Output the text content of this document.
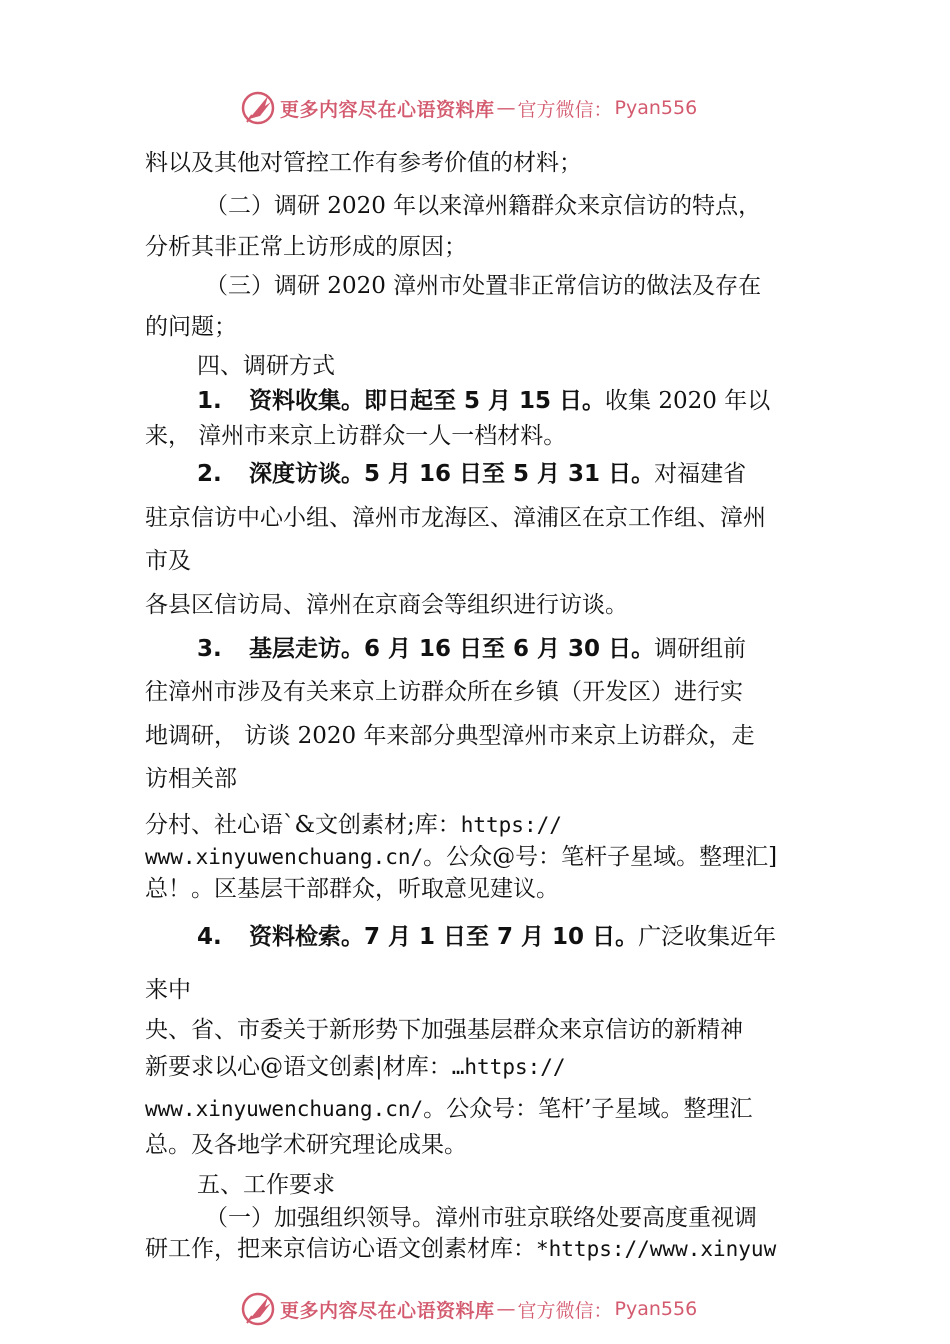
更多内容尽在心语资料库 — 官方微信： Pyan556
料以及其他对管控工作有参考价值的材料；
（二）调研 2020 年以来漳州籍群众来京信访的特点，
分析其非正常上访形成的原因；
（三）调研 2020 漳州市处置非正常信访的做法及存在
的问题；
四、调研方式
1. 资料收集。即日起至 5 月 15 日。收集 2020 年以
来， 漳州市来京上访群众一人一档材料。
2. 深度访谈。5 月 16 日至 5 月 31 日。对福建省
驻京信访中心小组、漳州市龙海区、漳浦区在京工作组、漳州
市及
各县区信访局、漳州在京商会等组织进行访谈。
3. 基层走访。6 月 16 日至 6 月 30 日。调研组前
往漳州市涉及有关来京上访群众所在乡镇（开发区）进行实
地调研， 访谈 2020 年来部分典型漳州市来京上访群众，走
访相关部
分村、社心语`&文创素材;库：https://
www.xinyuwenchuang.cn/。公众@号：笔杆子星域。整理汇]
总！。区基层干部群众，听取意见建议。
4. 资料检索。7 月 1 日至 7 月 10 日。广泛收集近年
来中
央、省、市委关于新形势下加强基层群众来京信访的新精神
新要求以心@语文创素|材库：…https://
www.xinyuwenchuang.cn/。公众号：笔杆’子星域。整理汇
总。及各地学术研究理论成果。
五、工作要求
（一）加强组织领导。漳州市驻京联络处要高度重视调
研工作，把来京信访心语文创素材库：*https://www.xinyuw
更多内容尽在心语资料库 — 官方微信： Pyan556
